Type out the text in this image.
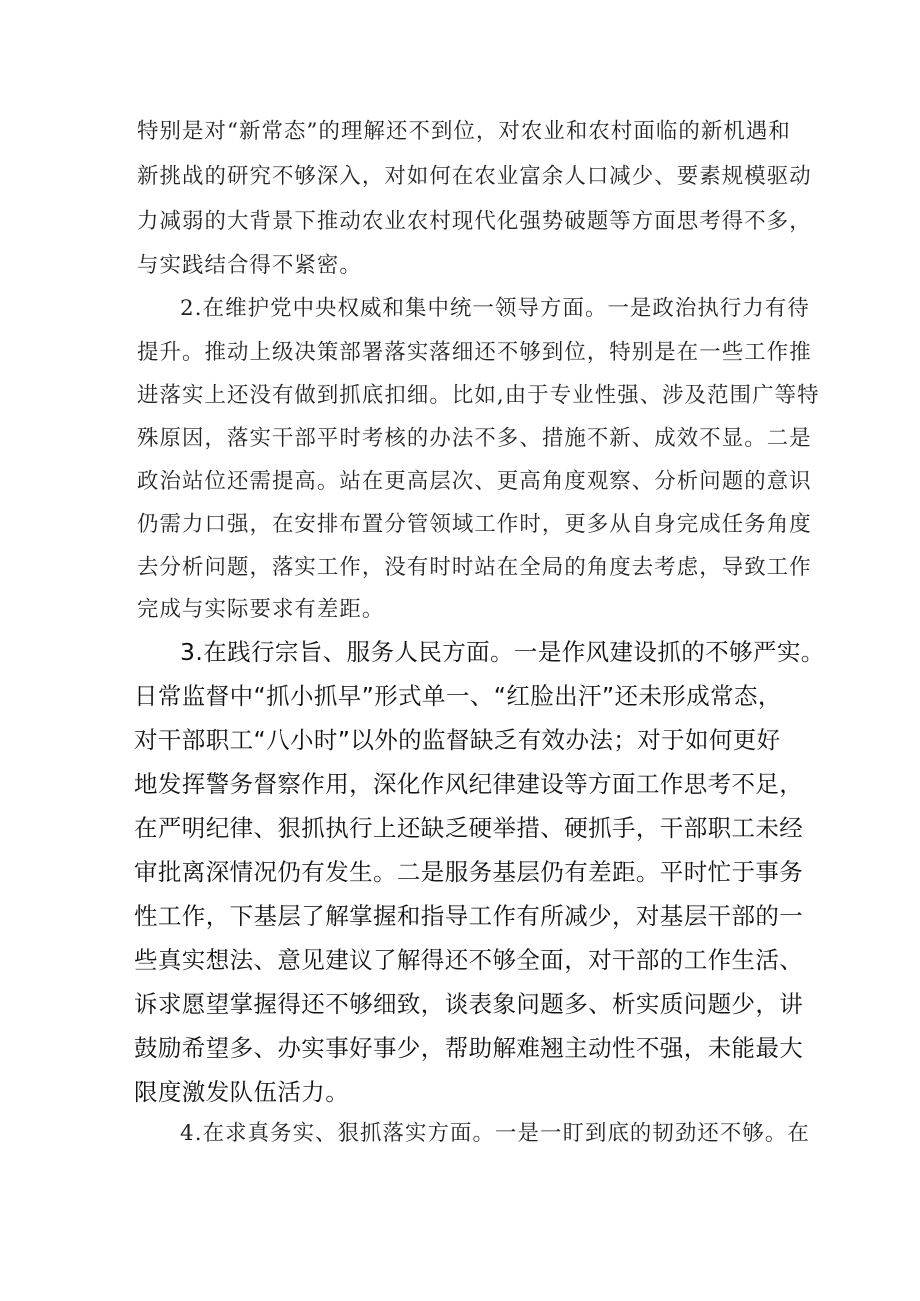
特别是对“新常态”的理解还不到位，对农业和农村面临的新机遇和
新挑战的研究不够深入，对如何在农业富余人口减少、要素规模驱动
力减弱的大背景下推动农业农村现代化强势破题等方面思考得不多，
与实践结合得不紧密。
2.在维护党中央权威和集中统一领导方面。一是政治执行力有待
提升。推动上级决策部署落实落细还不够到位，特别是在一些工作推
进落实上还没有做到抓底扣细。比如,由于专业性强、涉及范围广等特
殊原因，落实干部平时考核的办法不多、措施不新、成效不显。二是
政治站位还需提高。站在更高层次、更高角度观察、分析问题的意识
仍需力口强，在安排布置分管领域工作时，更多从自身完成任务角度
去分析问题，落实工作，没有时时站在全局的角度去考虑，导致工作
完成与实际要求有差距。
3.在践行宗旨、服务人民方面。一是作风建设抓的不够严实。
日常监督中“抓小抓早”形式单一、“红脸出汗”还未形成常态，
对干部职工“八小时”以外的监督缺乏有效办法；对于如何更好
地发挥警务督察作用，深化作风纪律建设等方面工作思考不足，
在严明纪律、狠抓执行上还缺乏硬举措、硬抓手，干部职工未经
审批离深情况仍有发生。二是服务基层仍有差距。平时忙于事务
性工作，下基层了解掌握和指导工作有所减少，对基层干部的一
些真实想法、意见建议了解得还不够全面，对干部的工作生活、
诉求愿望掌握得还不够细致，谈表象问题多、析实质问题少，讲
鼓励希望多、办实事好事少，帮助解难翘主动性不强，未能最大
限度激发队伍活力。
4.在求真务实、狠抓落实方面。一是一盯到底的韧劲还不够。在
